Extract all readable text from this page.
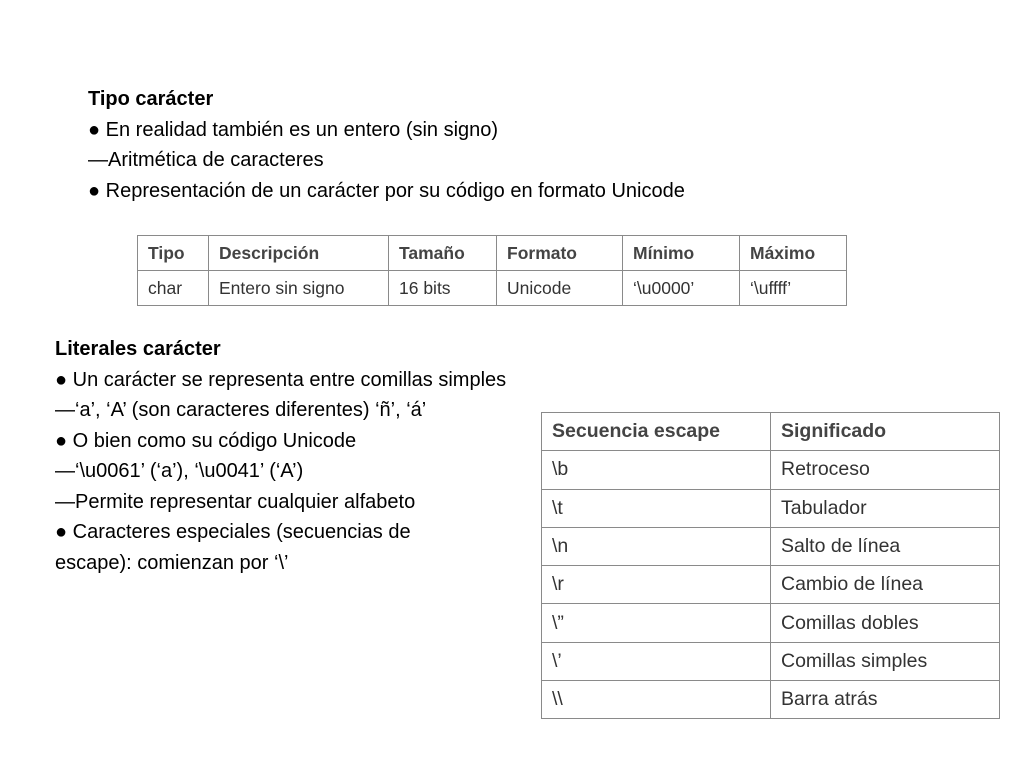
Tipo carácter
● En realidad también es un entero (sin signo)
—Aritmética de caracteres
● Representación de un carácter por su código en formato Unicode
Tipo	Descripción	Tamaño	Formato	Mínimo	Máximo
char	Entero sin signo	16 bits	Unicode	‘\u0000’	‘\uffff’
Literales carácter
● Un carácter se representa entre comillas simples
—‘a’, ‘A’ (son caracteres diferentes) ‘ñ’, ‘á’
● O bien como su código Unicode
—‘\u0061’ (‘a’), ‘\u0041’ (‘A’)
—Permite representar cualquier alfabeto
● Caracteres especiales (secuencias de
escape): comienzan por ‘\’
Secuencia escape	Significado
\b	Retroceso
\t	Tabulador
\n	Salto de línea
\r	Cambio de línea
\”	Comillas dobles
\’	Comillas simples
\\	Barra atrás
